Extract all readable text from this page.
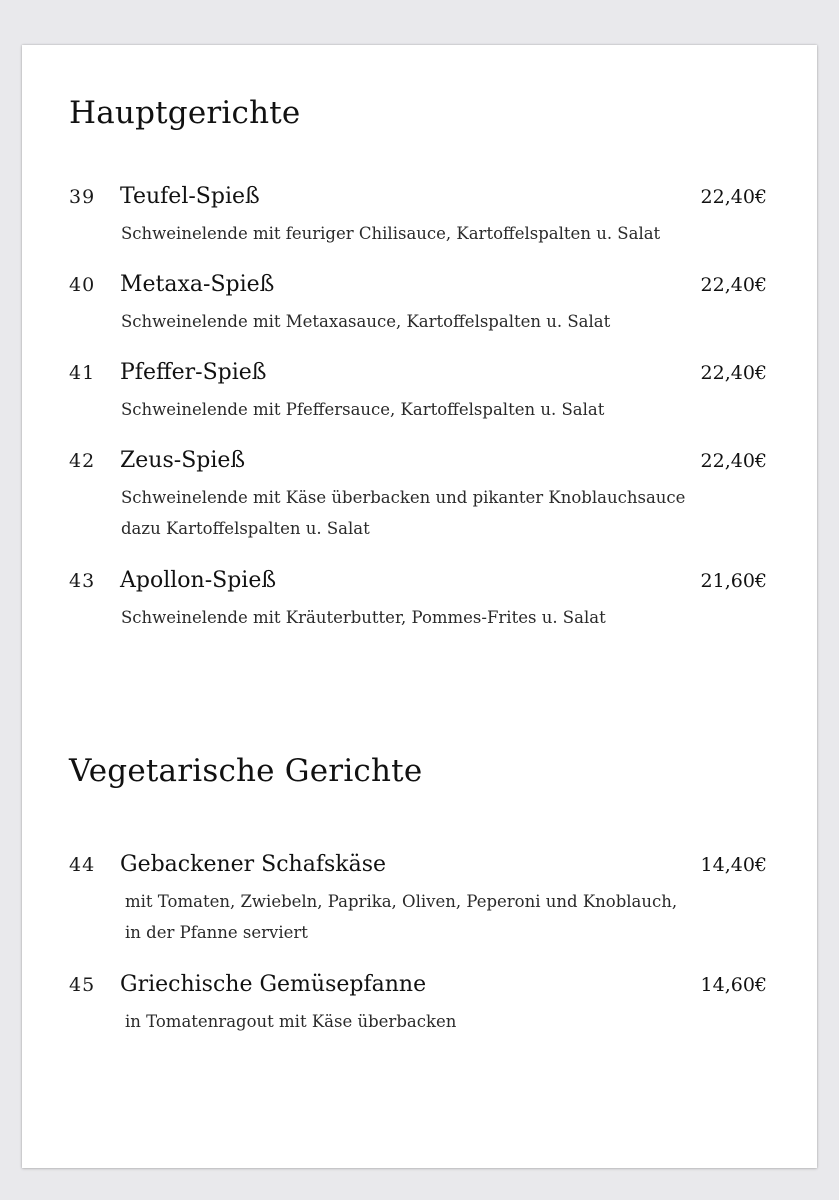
Hauptgerichte
39 Teufel-Spieß	22,40€
Schweinelende mit feuriger Chilisauce, Kartoffelspalten u. Salat
40 Metaxa-Spieß	22,40€
Schweinelende mit Metaxasauce, Kartoffelspalten u. Salat
41 Pfeffer-Spieß	22,40€
Schweinelende mit Pfeffersauce, Kartoffelspalten u. Salat
42 Zeus-Spieß	22,40€
Schweinelende mit Käse überbacken und pikanter Knoblauchsauce
dazu Kartoffelspalten u. Salat
43 Apollon-Spieß	21,60€
Schweinelende mit Kräuterbutter, Pommes-Frites u. Salat
Vegetarische Gerichte
44 Gebackener Schafskäse	14,40€
mit Tomaten, Zwiebeln, Paprika, Oliven, Peperoni und Knoblauch,
in der Pfanne serviert
45 Griechische Gemüsepfanne	14,60€
in Tomatenragout mit Käse überbacken
